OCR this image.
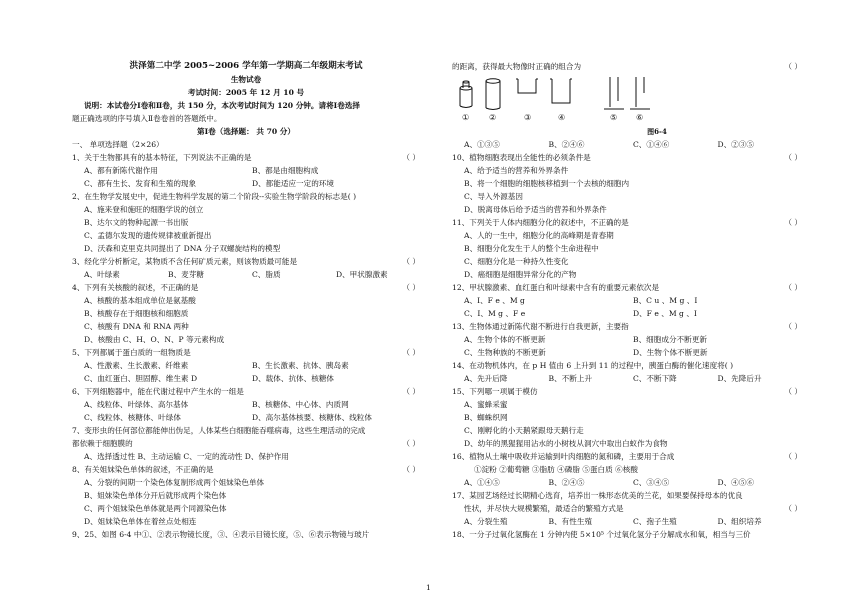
洪泽第二中学 2005~2006 学年第一学期高二年级期末考试
生物试卷
考试时间：2005 年 12 月 10 号
说明：本试卷分Ⅰ卷和Ⅱ卷，共 150 分，本次考试时间为 120 分钟。请将Ⅰ卷选择
题正确选项的序号填入Ⅱ卷卷首的答题纸中。
第Ⅰ卷（选择题： 共 70 分）
一、 单项选择题（2×26）
1、关于生物都具有的基本特征，下列说法不正确的是	（ ）
A、都有新陈代谢作用	B、都是由细胞构成
C、都有生长、发育和生殖的现象	D、都能适应一定的环境
2、在生物学发展史中，促进生物科学发展的第二个阶段--实验生物学阶段的标志是( )
A、施来登和施旺的细胞学说的创立
B、达尔文的物种起源一书出版
C、孟德尔发现的遗传规律被重新提出
D、沃森和克里克共同提出了 DNA 分子双螺旋结构的模型
3、经化学分析断定，某物质不含任何矿质元素，则该物质最可能是	（ ）
A、叶绿素	B、麦芽糖	C、脂质	D、甲状腺激素
4、下列有关核酸的叙述，不正确的是	（ ）
A、核酸的基本组成单位是氨基酸
B、核酸存在于细胞核和细胞质
C、核酸有 DNA 和 RNA 两种
D、核酸由 C、H、O、N、P 等元素构成
5、下列都属于蛋白质的一组物质是	（ ）
A、性激素、生长激素、纤维素	B、生长激素、抗体、胰岛素
C、血红蛋白、胆固醇、维生素 D	D、载体、抗体、核糖体
6、下列细胞器中，能在代谢过程中产生水的一组是	（ ）
A、线粒体、叶绿体、高尔基体	B、核糖体、中心体、内质网
C、线粒体、核糖体、叶绿体	D、高尔基体核要、核糖体、线粒体
7、变形虫的任何部位都能伸出伪足，人体某些白细胞能吞噬病毒，这些生理活动的完成
都依赖于细胞膜的	（ ）
A、选择透过性 B、主动运输 C、一定的流动性 D、保护作用
8、有关姐妹染色单体的叙述，不正确的是	（ ）
A、分裂的间期一个染色体复制形成两个姐妹染色单体
B、姐妹染色单体分开后就形成两个染色体
C、两个姐妹染色单体就是两个同源染色体
D、姐妹染色单体在着丝点处相连
9、25、如图 6-4 中①、②表示物镜长度，③、④表示目镜长度，⑤、⑥表示物镜与玻片
的距离，获得最大物像时正确的组合为	（ ）
① ②	③	④	⑤ ⑥
图6-4
A、①③⑤	B、②④⑥	C、①④⑥	D、②③⑤
10、植物细胞表现出全能性的必须条件是	（ ）
A、给予适当的营养和外界条件
B、将一个细胞的细胞核移植到一个去核的细胞内
C、导入外源基因
D、脱离母体后给予适当的营养和外界条件
11、下列关于人体内细胞分化的叙述中，不正确的是	（ ）
A、人的一生中，细胞分化的高峰期是青春期
B、细胞分化发生于人的整个生命进程中
C、细胞分化是一种持久性变化
D、癌细胞是细胞异常分化的产物
12、甲状腺激素、血红蛋白和叶绿素中含有的重要元素依次是	（ ）
A、I、F e 、M g	B、C u 、M g 、I
C、I、M g 、F e	D、F e 、M g 、I
13、生物体通过新陈代谢不断进行自我更新，主要指	（ ）
A、生物个体的不断更新	B、细胞成分不断更新
C、生物种族的不断更新	D、生物个体不断更新
14、在动物机体内，在 p H 值由 6 上升到 11 的过程中，胰蛋白酶的催化速度将( )
A、先升后降	B、不断上升	C、不断下降	D、先降后升
15、下列哪一项属于模仿	（ ）
A、蜜蜂采蜜
B、蜘蛛织网
C、刚孵化的小天鹅紧跟母天鹅行走
D、幼年的黑猩猩用沾水的小树枝从洞穴中取出白蚁作为食物
16、植物从土壤中吸收并运输到叶肉细胞的氮和磷，主要用于合成	（ ）
①淀粉 ②葡萄糖 ③脂肪 ④磷脂 ⑤蛋白质 ⑥核酸
A、①④⑤	B、②④⑤	C、③④⑤	D、④⑤⑥
17、某园艺场经过长期精心选育，培养出一株形态优美的兰花，如果要保持母本的优良
性状，并尽快大规模繁殖，最适合的繁殖方式是	（ ）
A、分裂生殖	B、有性生殖	C、孢子生殖	D、组织培养
18、一分子过氧化氢酶在 1 分钟内使 5×10⁵ 个过氧化氢分子分解成水和氧，相当与三价
1
